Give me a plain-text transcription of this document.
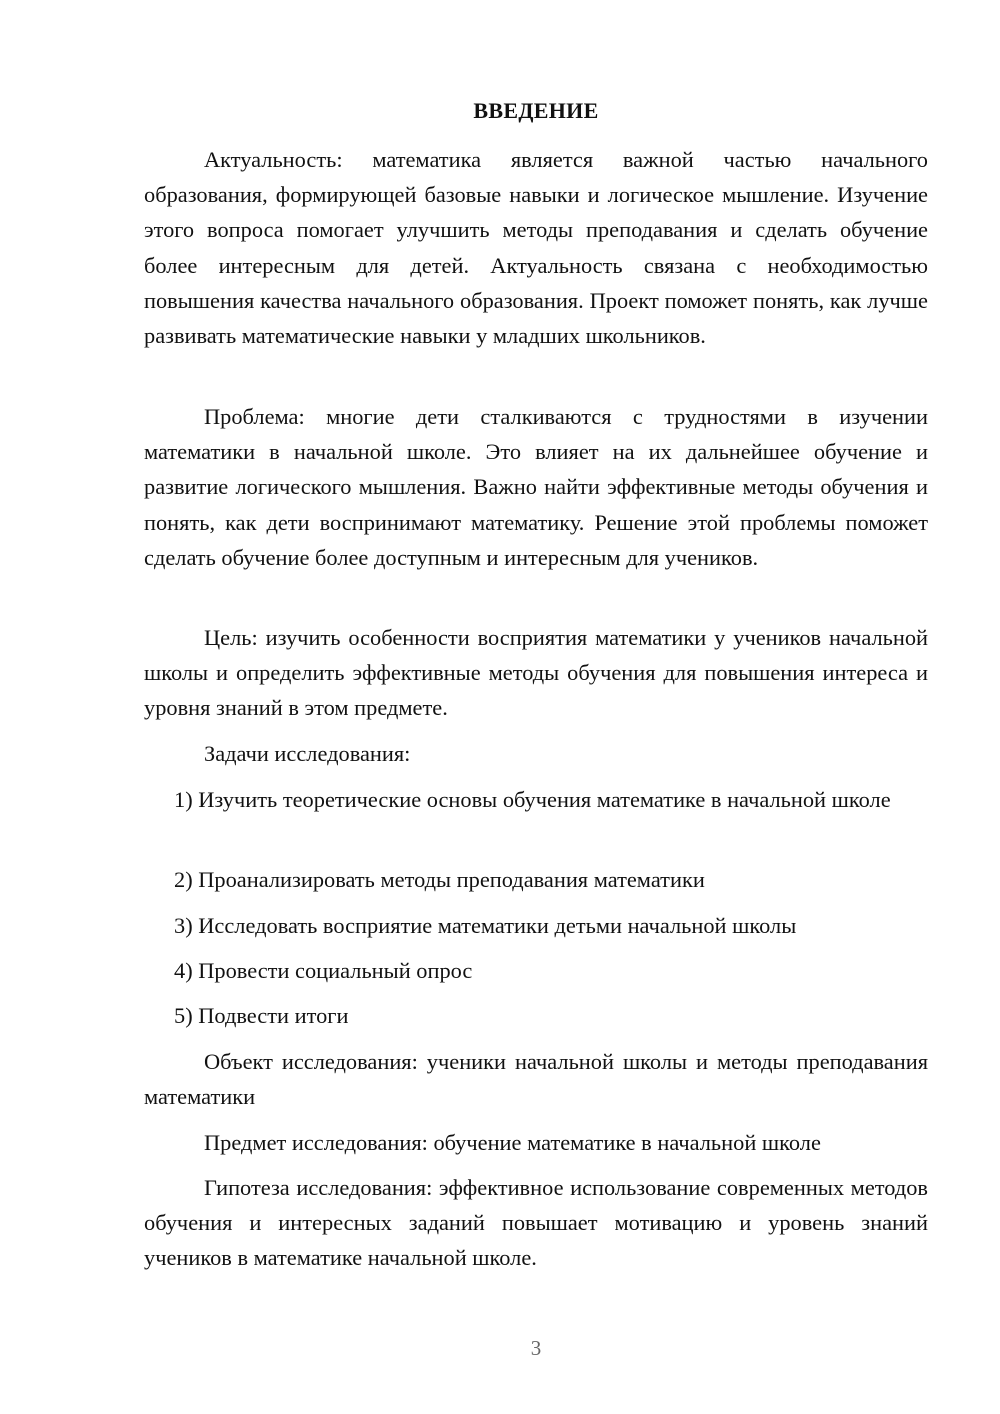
ВВЕДЕНИЕ

Актуальность: математика является важной частью начального образования, формирующей базовые навыки и логическое мышление. Изучение этого вопроса помогает улучшить методы преподавания и сделать обучение более интересным для детей. Актуальность связана с необходимостью повышения качества начального образования. Проект поможет понять, как лучше развивать математические навыки у младших школьников.

Проблема: многие дети сталкиваются с трудностями в изучении математики в начальной школе. Это влияет на их дальнейшее обучение и развитие логического мышления. Важно найти эффективные методы обучения и понять, как дети воспринимают математику. Решение этой проблемы поможет сделать обучение более доступным и интересным для учеников.

Цель: изучить особенности восприятия математики у учеников начальной школы и определить эффективные методы обучения для повышения интереса и уровня знаний в этом предмете.

Задачи исследования:

1) Изучить теоретические основы обучения математике в начальной школе

2) Проанализировать методы преподавания математики

3) Исследовать восприятие математики детьми начальной школы

4) Провести социальный опрос

5) Подвести итоги

Объект исследования: ученики начальной школы и методы преподавания математики

Предмет исследования: обучение математике в начальной школе

Гипотеза исследования: эффективное использование современных методов обучения и интересных заданий повышает мотивацию и уровень знаний учеников в математике начальной школе.

3
